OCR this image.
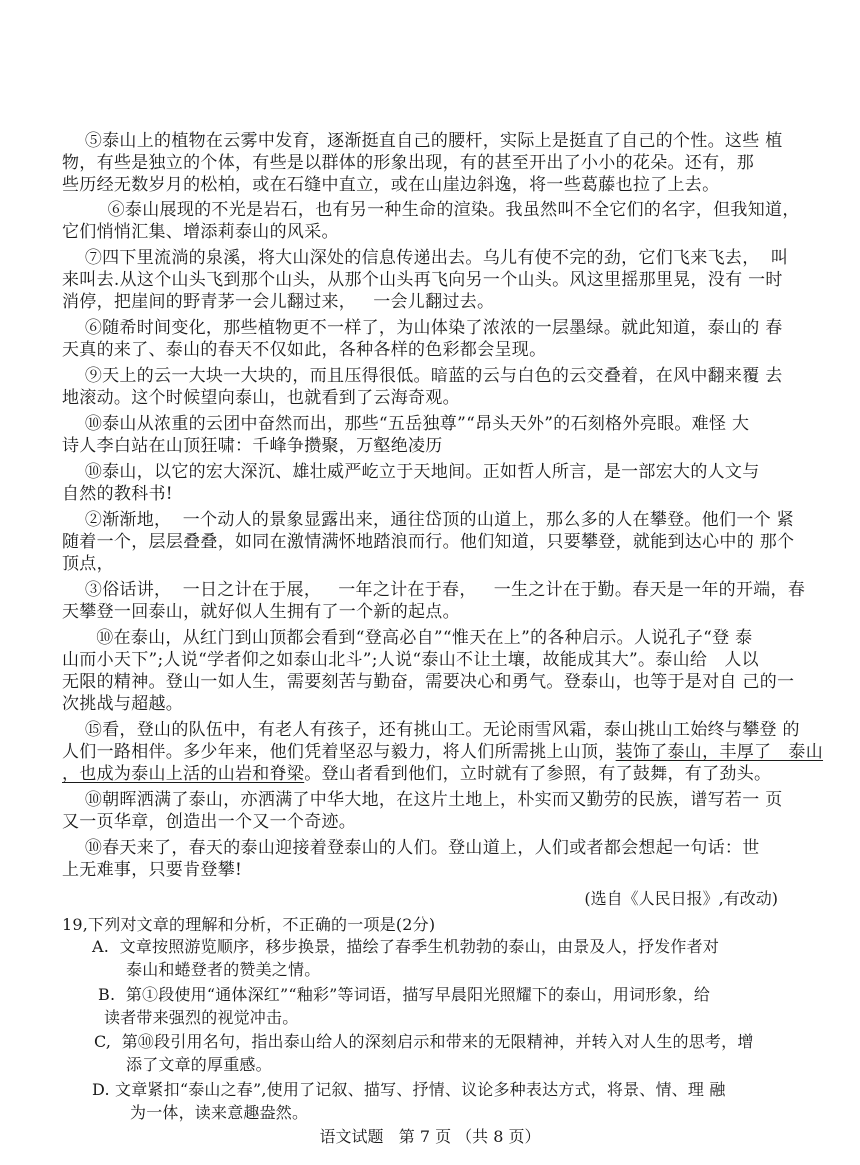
⑤泰山上的植物在云雾中发育，逐渐挺直自己的腰杆，实际上是挺直了自己的个性。这些 植
物，有些是独立的个体，有些是以群体的形象出现，有的甚至开出了小小的花朵。还有，那
些历经无数岁月的松柏，或在石缝中直立，或在山崖边斜逸，将一些葛藤也拉了上去。
⑥泰山展现的不光是岩石，也有另一种生命的渲染。我虽然叫不全它们的名字，但我知道，
它们悄悄汇集、增添莉泰山的风采。
⑦四下里流淌的泉溪，将大山深处的信息传递出去。乌儿有使不完的劲，它们飞来飞去，  叫
来叫去.从这个山头飞到那个山头，从那个山头再飞向另一个山头。风这里摇那里晃，没有 一时
消停，把崖间的野青茅一会儿翻过来，   一会儿翻过去。
⑥随希时间变化，那些植物更不一样了，为山体染了浓浓的一层墨绿。就此知道，泰山的 春
天真的来了、泰山的春天不仅如此，各种各样的色彩都会呈现。
⑨天上的云一大块一大块的，而且压得很低。暗蓝的云与白色的云交叠着，在风中翻来覆 去
地滚动。这个时候望向泰山，也就看到了云海奇观。
⑩泰山从浓重的云团中奋然而出，那些“五岳独尊”“昂头天外”的石刻格外亮眼。难怪 大
诗人李白站在山顶狂啸：千峰争攒聚，万壑绝凌历
⑩泰山，以它的宏大深沉、雄壮威严屹立于天地间。正如哲人所言，是一部宏大的人文与
自然的教科书!
②渐渐地，  一个动人的景象显露出来，通往岱顶的山道上，那么多的人在攀登。他们一个 紧
随着一个，层层叠叠，如同在激情满怀地踏浪而行。他们知道，只要攀登，就能到达心中的 那个
顶点，
③俗话讲，  一日之计在于展，   一年之计在于春，   一生之计在于勤。春天是一年的开端，春
天攀登一回泰山，就好似人生拥有了一个新的起点。
⑩在泰山，从红门到山顶都会看到“登高必自”“惟天在上”的各种启示。人说孔子“登 泰
山而小天下”;人说“学者仰之如泰山北斗”;人说“泰山不让土壤，故能成其大”。泰山给   人以
无限的精神。登山一如人生，需要刻苦与勤奋，需要决心和勇气。登泰山，也等于是对自 己的一
次挑战与超越。
⑮看，登山的队伍中，有老人有孩子，还有挑山工。无论雨雪风霜，泰山挑山工始终与攀登 的
人们一路相伴。多少年来，他们凭着坚忍与毅力，将人们所需挑上山顶，装饰了泰山，丰厚了   泰山
，也成为泰山上活的山岩和脊梁。登山者看到他们，立时就有了参照，有了鼓舞，有了劲头。
⑩朝晖洒满了泰山，亦洒满了中华大地，在这片土地上，朴实而又勤劳的民族，谱写若一 页
又一页华章，创造出一个又一个奇迹。
⑩春天来了，春天的泰山迎接着登泰山的人们。登山道上，人们或者都会想起一句话：世
上无难事，只要肯登攀!
(选自《人民日报》,有改动)
19,下列对文章的理解和分析，不正确的一项是(2分)
A.  文章按照游览顺序，移步换景，描绘了春季生机勃勃的泰山，由景及人，抒发作者对
泰山和蜷登者的赞美之情。
B.  第①段使用“通体深红”“釉彩”等词语，描写早晨阳光照耀下的泰山，用词形象，给
读者带来强烈的视觉冲击。
C,  第⑩段引用名句，指出泰山给人的深刻启示和带来的无限精神，并转入对人生的思考，增
添了文章的厚重感。
D. 文章紧扣“泰山之春”,使用了记叙、描写、抒情、议论多种表达方式，将景、情、理 融
为一体，读来意趣盎然。
语文试题   第 7 页 （共 8 页）
